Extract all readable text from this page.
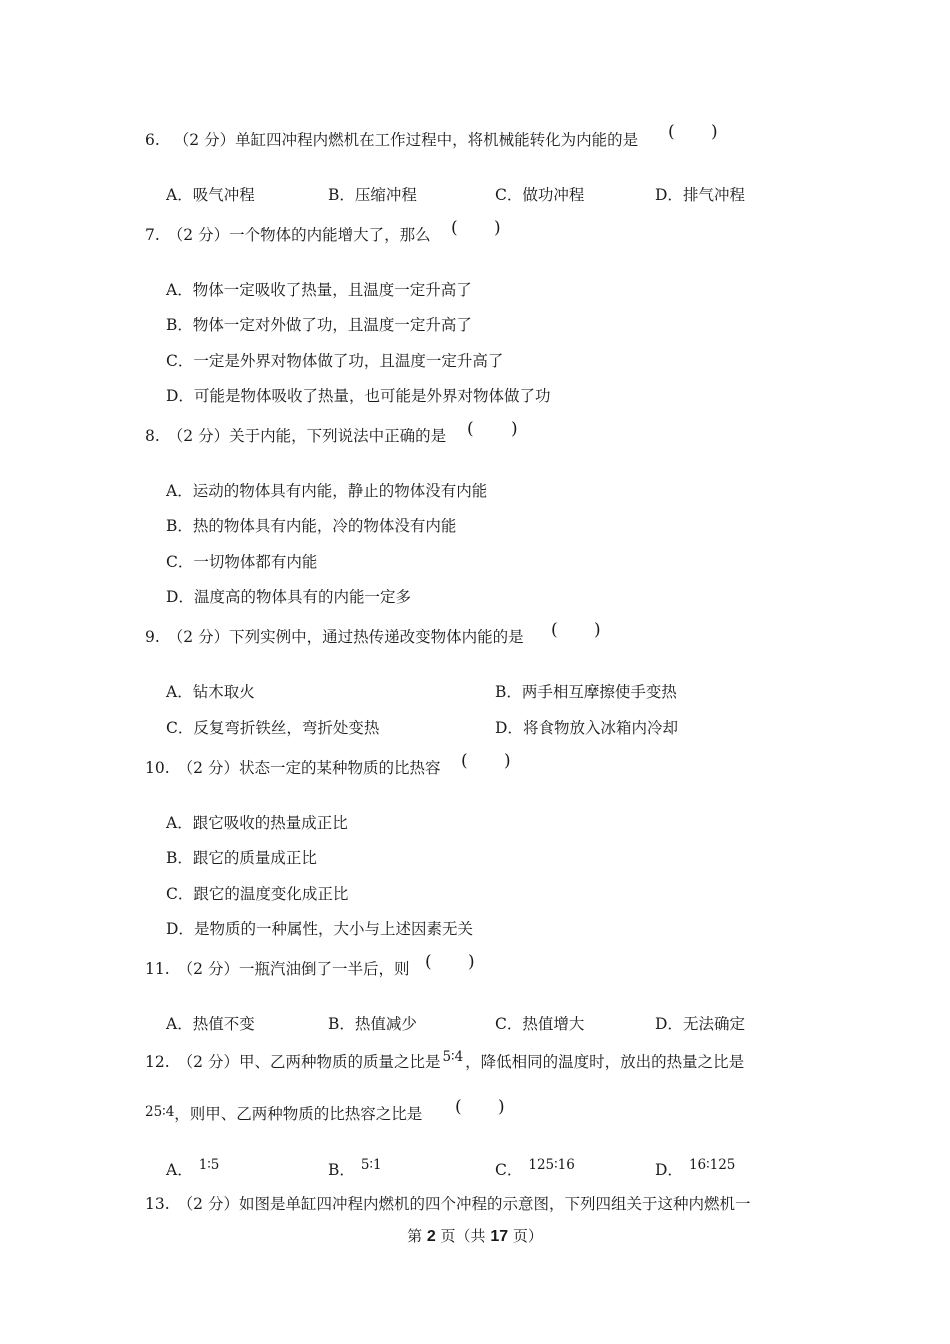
6. （2 分）单缸四冲程内燃机在工作过程中，将机械能转化为内能的是 ( )
A．吸气冲程	B．压缩冲程	C．做功冲程	D．排气冲程
7. （2 分）一个物体的内能增大了，那么 ( )
A．物体一定吸收了热量，且温度一定升高了
B．物体一定对外做了功，且温度一定升高了
C．一定是外界对物体做了功，且温度一定升高了
D．可能是物体吸收了热量，也可能是外界对物体做了功
8. （2 分）关于内能，下列说法中正确的是 ( )
A．运动的物体具有内能，静止的物体没有内能
B．热的物体具有内能，冷的物体没有内能
C．一切物体都有内能
D．温度高的物体具有的内能一定多
9. （2 分）下列实例中，通过热传递改变物体内能的是 ( )
A．钻木取火	B．两手相互摩擦使手变热
C．反复弯折铁丝，弯折处变热	D．将食物放入冰箱内冷却
10. （2 分）状态一定的某种物质的比热容 ( )
A．跟它吸收的热量成正比
B．跟它的质量成正比
C．跟它的温度变化成正比
D．是物质的一种属性，大小与上述因素无关
11. （2 分）一瓶汽油倒了一半后，则 ( )
A．热值不变	B．热值减少	C．热值增大	D．无法确定
12. （2 分）甲、乙两种物质的质量之比是 5∶4 ，降低相同的温度时，放出的热量之比是
25∶4，则甲、乙两种物质的比热容之比是 ( )
A． 1∶5	B． 5∶1	C． 125∶16	D． 16∶125
13. （2 分）如图是单缸四冲程内燃机的四个冲程的示意图，下列四组关于这种内燃机一
第 2 页（共 17 页）
